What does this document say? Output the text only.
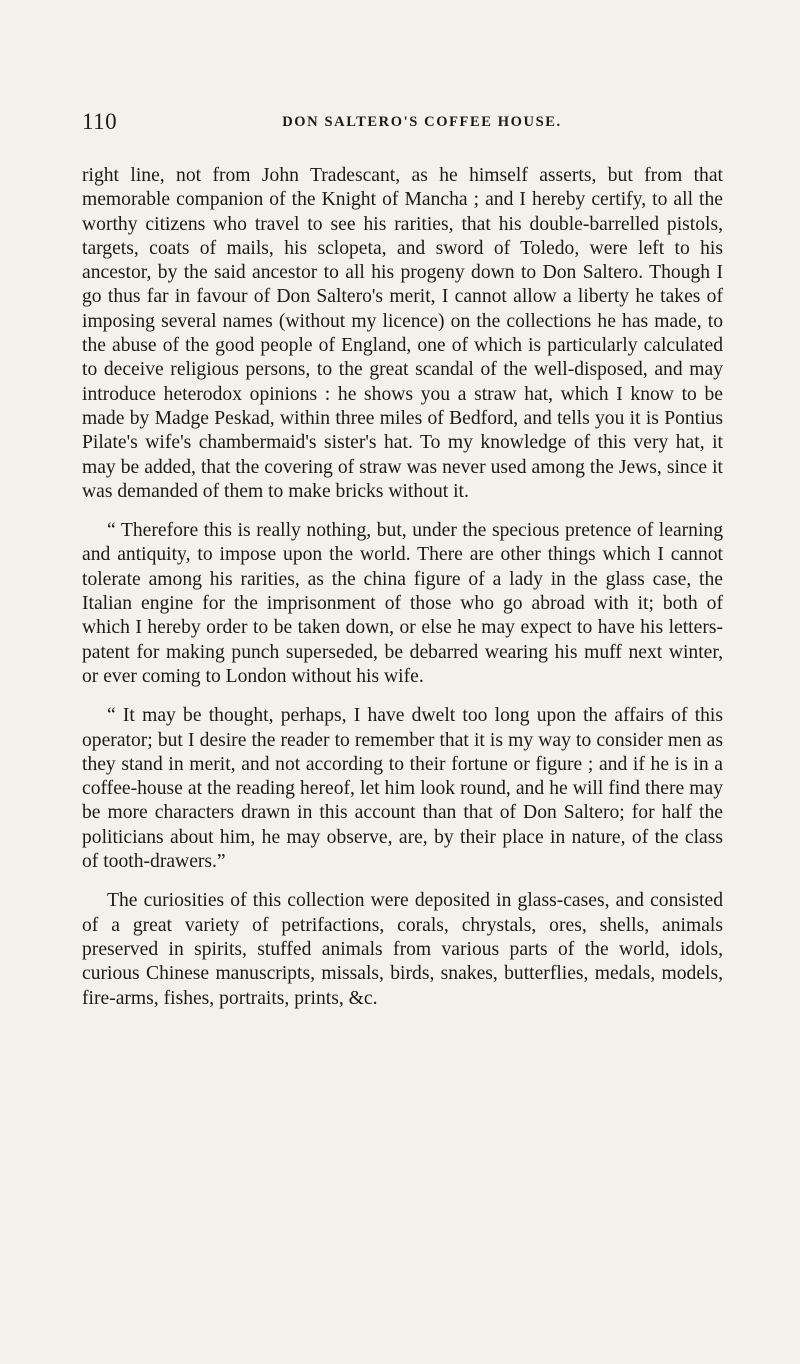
110	DON SALTERO'S COFFEE HOUSE.

right line, not from John Tradescant, as he himself asserts, but from that memorable companion of the Knight of Mancha ; and I hereby certify, to all the worthy citizens who travel to see his rarities, that his double-barrelled pistols, targets, coats of mails, his sclopeta, and sword of Toledo, were left to his ancestor, by the said ancestor to all his progeny down to Don Saltero. Though I go thus far in favour of Don Saltero's merit, I cannot allow a liberty he takes of imposing several names (without my licence) on the collections he has made, to the abuse of the good people of England, one of which is particularly calculated to deceive religious persons, to the great scandal of the well-disposed, and may introduce heterodox opinions : he shows you a straw hat, which I know to be made by Madge Peskad, within three miles of Bedford, and tells you it is Pontius Pilate's wife's chambermaid's sister's hat. To my knowledge of this very hat, it may be added, that the covering of straw was never used among the Jews, since it was demanded of them to make bricks without it.

“ Therefore this is really nothing, but, under the specious pretence of learning and antiquity, to impose upon the world. There are other things which I cannot tolerate among his rarities, as the china figure of a lady in the glass case, the Italian engine for the imprisonment of those who go abroad with it; both of which I hereby order to be taken down, or else he may expect to have his letters-patent for making punch superseded, be debarred wearing his muff next winter, or ever coming to London without his wife.

“ It may be thought, perhaps, I have dwelt too long upon the affairs of this operator; but I desire the reader to remember that it is my way to consider men as they stand in merit, and not according to their fortune or figure ; and if he is in a coffee-house at the reading hereof, let him look round, and he will find there may be more characters drawn in this account than that of Don Saltero; for half the politicians about him, he may observe, are, by their place in nature, of the class of tooth-drawers.”

The curiosities of this collection were deposited in glass-cases, and consisted of a great variety of petrifactions, corals, chrystals, ores, shells, animals preserved in spirits, stuffed animals from various parts of the world, idols, curious Chinese manuscripts, missals, birds, snakes, butterflies, medals, models, fire-arms, fishes, portraits, prints, &c.
